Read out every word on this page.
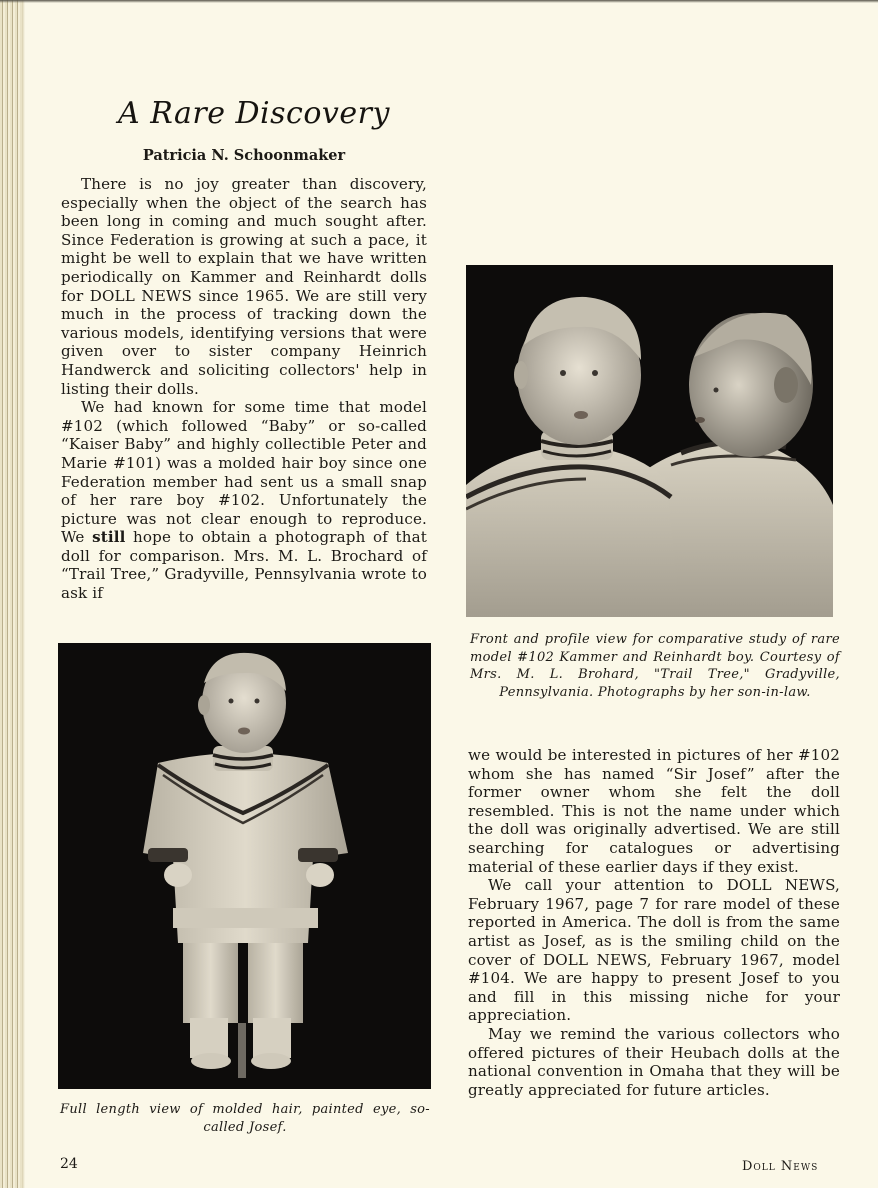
A Rare Discovery
Patricia N. Schoonmaker

There is no joy greater than discovery, especially when the object of the search has been long in coming and much sought after. Since Federation is growing at such a pace, it might be well to explain that we have written periodically on Kammer and Reinhardt dolls for DOLL NEWS since 1965. We are still very much in the process of tracking down the various models, identifying versions that were given over to sister company Heinrich Handwerck and soliciting collectors' help in listing their dolls.

We had known for some time that model #102 (which followed “Baby” or so-called “Kaiser Baby” and highly collectible Peter and Marie #101) was a molded hair boy since one Federation member had sent us a small snap of her rare boy #102. Unfortunately the picture was not clear enough to reproduce. We still hope to obtain a photograph of that doll for comparison. Mrs. M. L. Brochard of “Trail Tree,” Gradyville, Pennsylvania wrote to ask if

Front and profile view for comparative study of rare model #102 Kammer and Reinhardt boy. Courtesy of Mrs. M. L. Brohard, "Trail Tree," Gradyville, Pennsylvania. Photographs by her son-in-law.
Full length view of molded hair, painted eye, so-called Josef.

we would be interested in pictures of her #102 whom she has named “Sir Josef” after the former owner whom she felt the doll resembled. This is not the name under which the doll was originally advertised. We are still searching for catalogues or advertising material of these earlier days if they exist.

We call your attention to DOLL NEWS, February 1967, page 7 for rare model of these reported in America. The doll is from the same artist as Josef, as is the smiling child on the cover of DOLL NEWS, February 1967, model #104. We are happy to present Josef to you and fill in this missing niche for your appreciation.

May we remind the various collectors who offered pictures of their Heubach dolls at the national convention in Omaha that they will be greatly appreciated for future articles.

24	Doll News
